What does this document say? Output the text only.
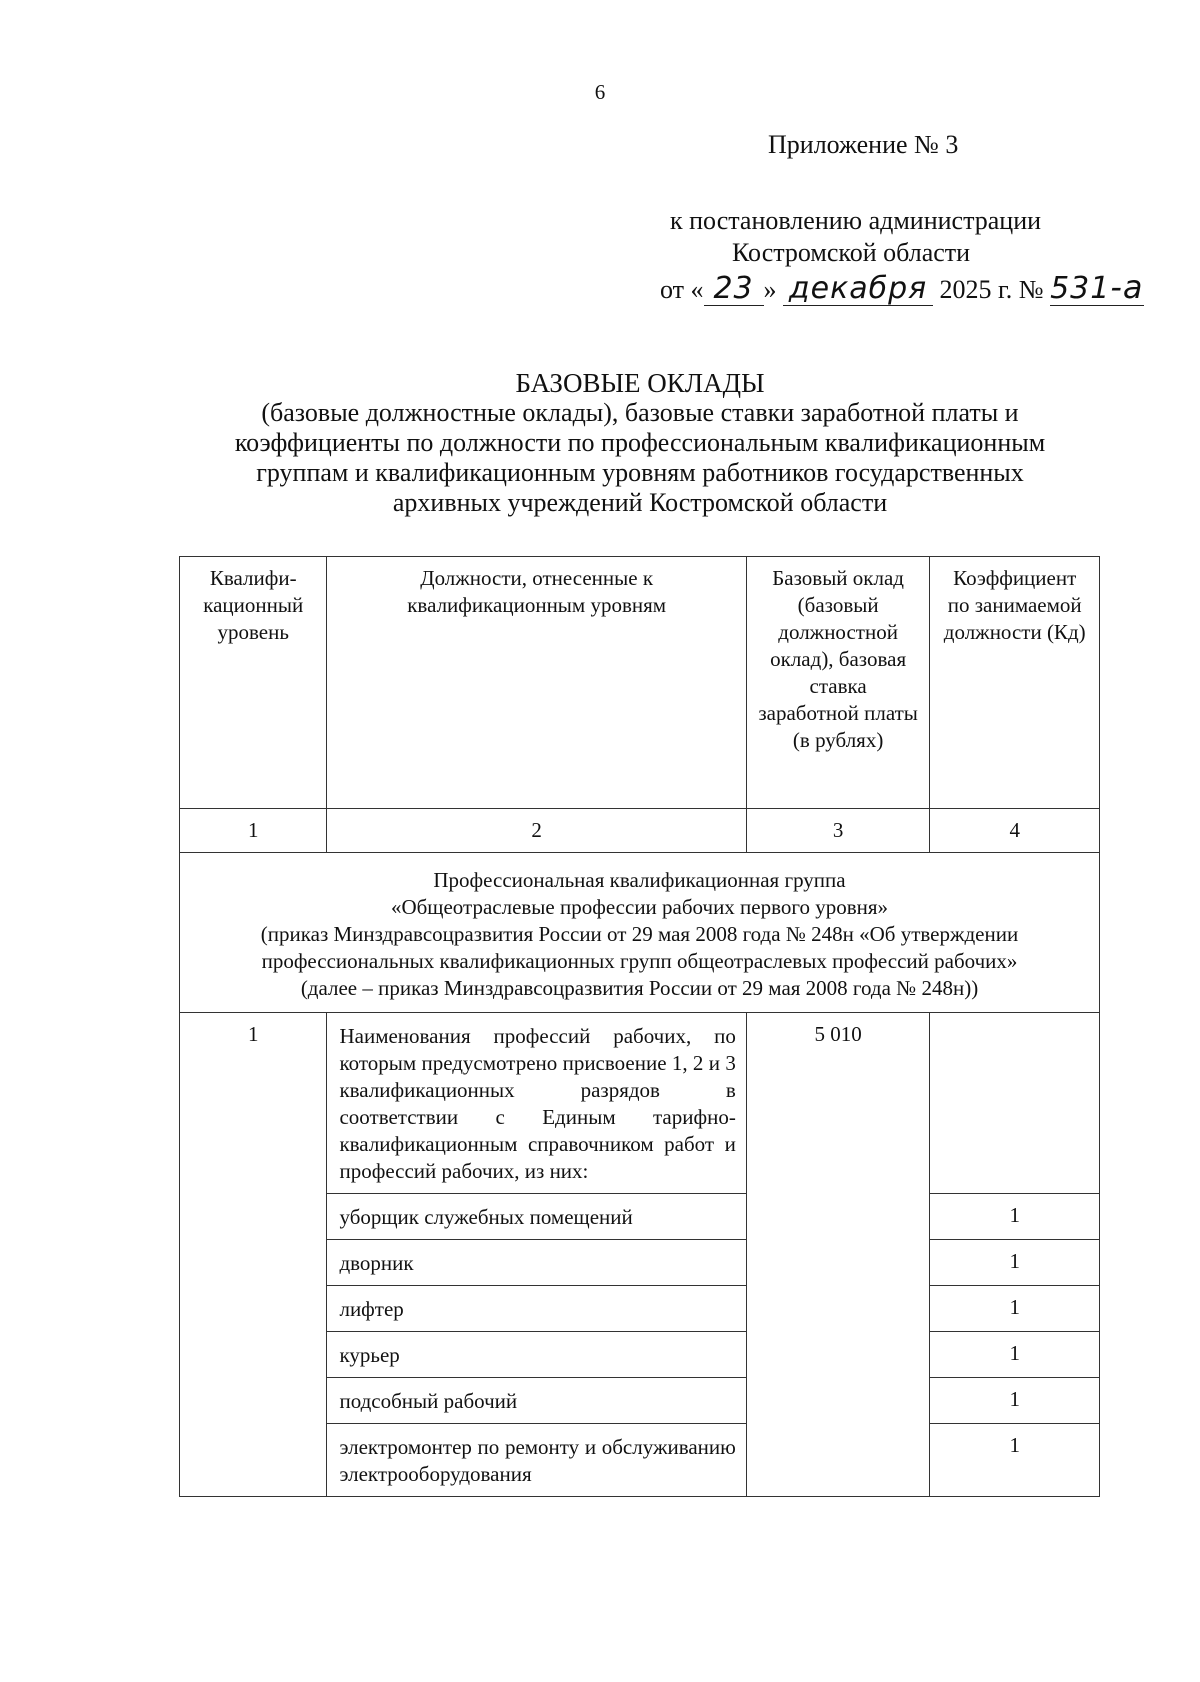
6
Приложение № 3
к постановлению администрации
Костромской области
от « 23 » декабря 2025 г. № 531-а
БАЗОВЫЕ ОКЛАДЫ
(базовые должностные оклады), базовые ставки заработной платы и
коэффициенты по должности по профессиональным квалификационным
группам и квалификационным уровням работников государственных
архивных учреждений Костромской области
Квалифи-кационный уровень	Должности, отнесенные к квалификационным уровням	Базовый оклад (базовый должностной оклад), базовая ставка заработной платы (в рублях)	Коэффициент по занимаемой должности (Кд)
1	2	3	4

Профессиональная квалификационная группа
«Общеотраслевые профессии рабочих первого уровня»
(приказ Минздравсоцразвития России от 29 мая 2008 года № 248н «Об утверждении
профессиональных квалификационных групп общеотраслевых профессий рабочих»
(далее – приказ Минздравсоцразвития России от 29 мая 2008 года № 248н))			

1	Наименования профессий рабочих, по которым предусмотрено присвоение 1, 2 и 3 квалификационных разрядов в соответствии с Единым тарифно-квалификационным справочником работ и профессий рабочих, из них:	5 010	
	уборщик служебных помещений		1
	дворник		1
	лифтер		1
	курьер		1
	подсобный рабочий		1
	электромонтер по ремонту и обслуживанию электрооборудования		1
